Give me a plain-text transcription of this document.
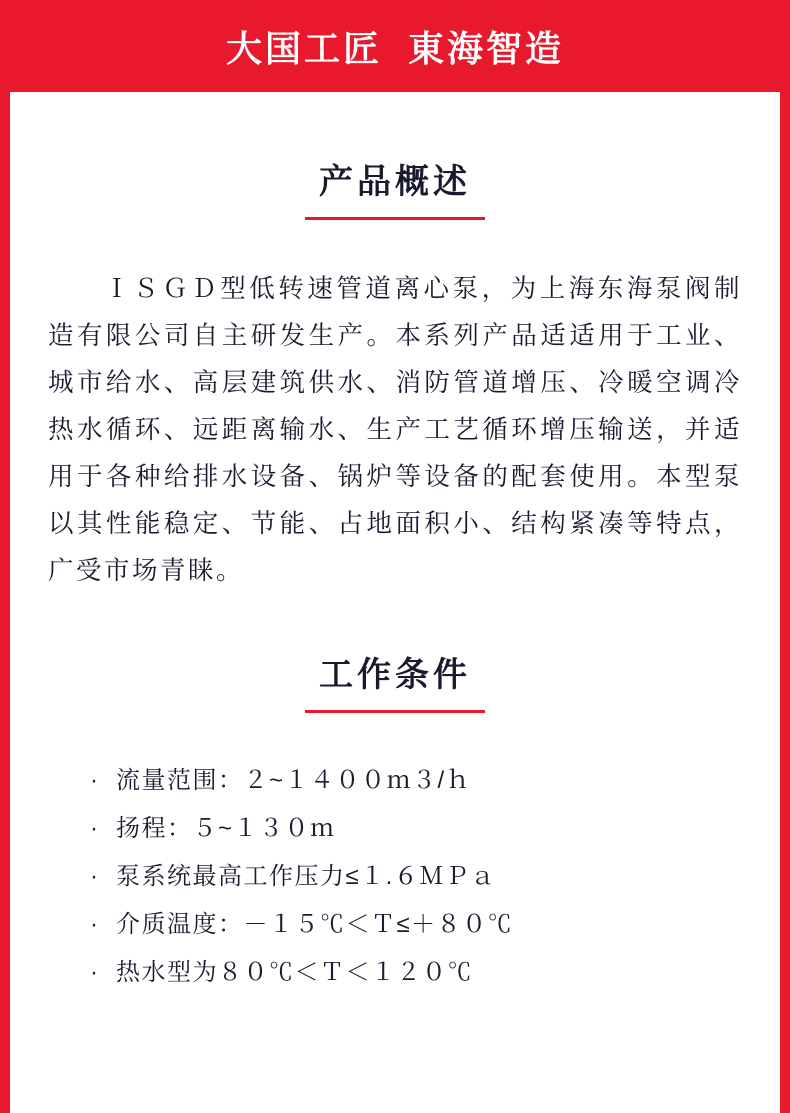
大国工匠  東海智造
产品概述
ＩＳＧＤ型低转速管道离心泵，为上海东海泵阀制造有限公司自主研发生产。本系列产品适适用于工业、城市给水、高层建筑供水、消防管道增压、冷暖空调冷热水循环、远距离输水、生产工艺循环增压输送，并适用于各种给排水设备、锅炉等设备的配套使用。本型泵以其性能稳定、节能、占地面积小、结构紧凑等特点，广受市场青睐。
工作条件
· 流量范围：２~１４００ｍ３/ｈ
· 扬程：５~１３０ｍ
· 泵系统最高工作压力≤１.６ＭＰａ
· 介质温度：－１５℃＜Ｔ≤＋８０℃
· 热水型为８０℃＜Ｔ＜１２０℃
